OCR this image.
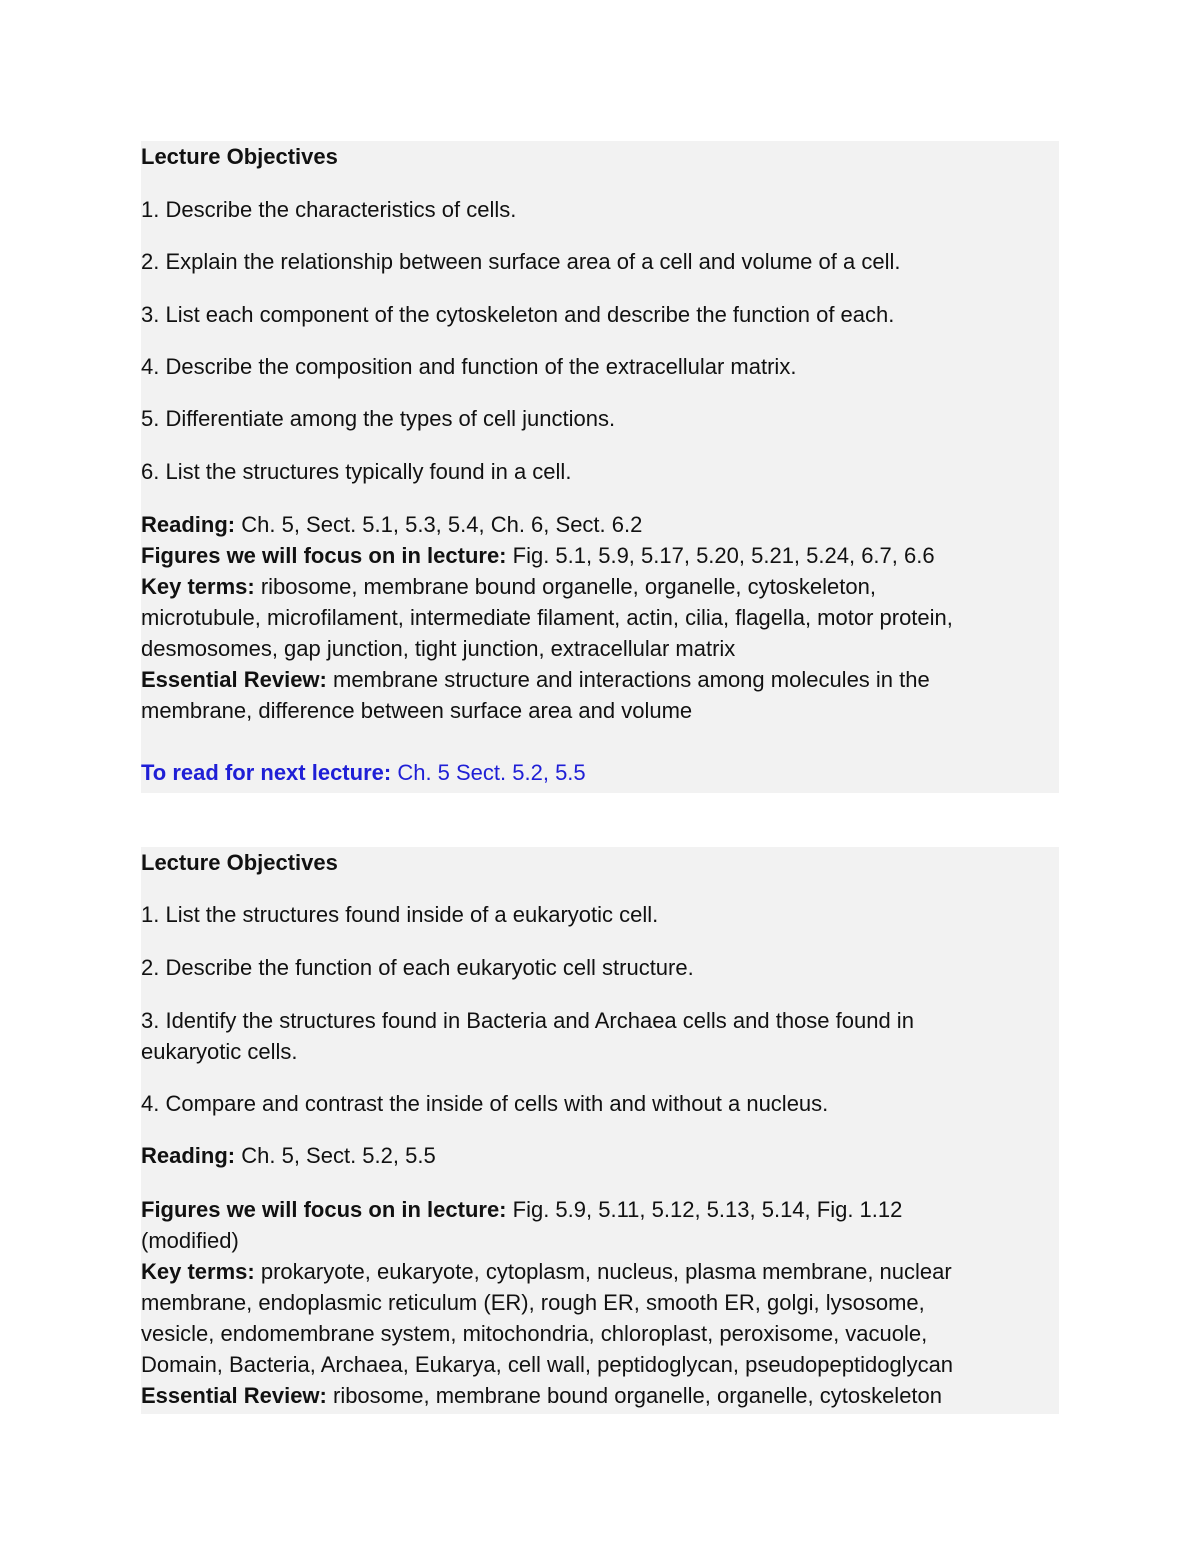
Lecture Objectives
1. Describe the characteristics of cells.
2. Explain the relationship between surface area of a cell and volume of a cell.
3. List each component of the cytoskeleton and describe the function of each.
4. Describe the composition and function of the extracellular matrix.
5. Differentiate among the types of cell junctions.
6. List the structures typically found in a cell.
Reading: Ch. 5, Sect. 5.1, 5.3, 5.4, Ch. 6, Sect. 6.2
Figures we will focus on in lecture: Fig. 5.1, 5.9, 5.17, 5.20, 5.21, 5.24, 6.7, 6.6
Key terms: ribosome, membrane bound organelle, organelle, cytoskeleton,
microtubule, microfilament, intermediate filament, actin, cilia, flagella, motor protein,
desmosomes, gap junction, tight junction, extracellular matrix
Essential Review: membrane structure and interactions among molecules in the
membrane, difference between surface area and volume
To read for next lecture: Ch. 5 Sect. 5.2, 5.5
Lecture Objectives
1. List the structures found inside of a eukaryotic cell.
2. Describe the function of each eukaryotic cell structure.
3. Identify the structures found in Bacteria and Archaea cells and those found in
eukaryotic cells.
4. Compare and contrast the inside of cells with and without a nucleus.
Reading: Ch. 5, Sect. 5.2, 5.5
Figures we will focus on in lecture: Fig. 5.9, 5.11, 5.12, 5.13, 5.14, Fig. 1.12
(modified)
Key terms: prokaryote, eukaryote, cytoplasm, nucleus, plasma membrane, nuclear
membrane, endoplasmic reticulum (ER), rough ER, smooth ER, golgi, lysosome,
vesicle, endomembrane system, mitochondria, chloroplast, peroxisome, vacuole,
Domain, Bacteria, Archaea, Eukarya, cell wall, peptidoglycan, pseudopeptidoglycan
Essential Review: ribosome, membrane bound organelle, organelle, cytoskeleton
